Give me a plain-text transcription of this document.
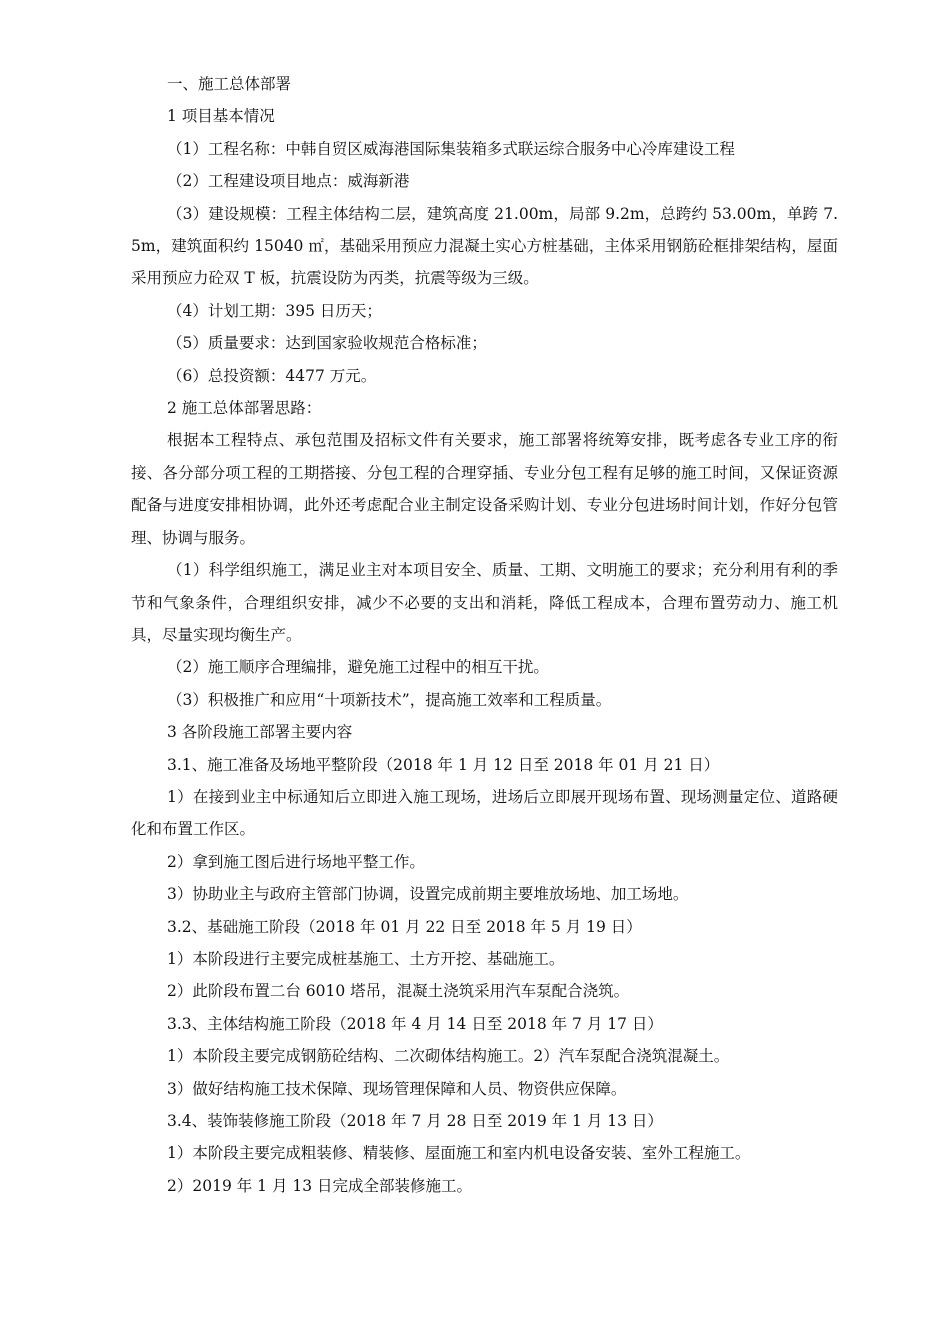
一、施工总体部署

1 项目基本情况

（1）工程名称：中韩自贸区威海港国际集装箱多式联运综合服务中心冷库建设工程

（2）工程建设项目地点：威海新港

（3）建设规模：工程主体结构二层，建筑高度 21.00m，局部 9.2m，总跨约 53.00m，单跨 7.5m，建筑面积约 15040 ㎡，基础采用预应力混凝土实心方桩基础，主体采用钢筋砼框排架结构，屋面采用预应力砼双 T 板，抗震设防为丙类，抗震等级为三级。

（4）计划工期：395 日历天；

（5）质量要求：达到国家验收规范合格标准；

（6）总投资额：4477 万元。

2 施工总体部署思路：

根据本工程特点、承包范围及招标文件有关要求，施工部署将统筹安排，既考虑各专业工序的衔接、各分部分项工程的工期搭接、分包工程的合理穿插、专业分包工程有足够的施工时间，又保证资源配备与进度安排相协调，此外还考虑配合业主制定设备采购计划、专业分包进场时间计划，作好分包管理、协调与服务。

（1）科学组织施工，满足业主对本项目安全、质量、工期、文明施工的要求；充分利用有利的季节和气象条件，合理组织安排，减少不必要的支出和消耗，降低工程成本，合理布置劳动力、施工机具，尽量实现均衡生产。

（2）施工顺序合理编排，避免施工过程中的相互干扰。

（3）积极推广和应用“十项新技术”，提高施工效率和工程质量。

3 各阶段施工部署主要内容

3.1、施工准备及场地平整阶段（2018 年 1 月 12 日至 2018 年 01 月 21 日）

1）在接到业主中标通知后立即进入施工现场，进场后立即展开现场布置、现场测量定位、道路硬化和布置工作区。

2）拿到施工图后进行场地平整工作。

3）协助业主与政府主管部门协调，设置完成前期主要堆放场地、加工场地。

3.2、基础施工阶段（2018 年 01 月 22 日至 2018 年 5 月 19 日）

1）本阶段进行主要完成桩基施工、土方开挖、基础施工。

2）此阶段布置二台 6010 塔吊，混凝土浇筑采用汽车泵配合浇筑。

3.3、主体结构施工阶段（2018 年 4 月 14 日至 2018 年 7 月 17 日）

1）本阶段主要完成钢筋砼结构、二次砌体结构施工。2）汽车泵配合浇筑混凝土。

3）做好结构施工技术保障、现场管理保障和人员、物资供应保障。

3.4、装饰装修施工阶段（2018 年 7 月 28 日至 2019 年 1 月 13 日）

1）本阶段主要完成粗装修、精装修、屋面施工和室内机电设备安装、室外工程施工。

2）2019 年 1 月 13 日完成全部装修施工。
